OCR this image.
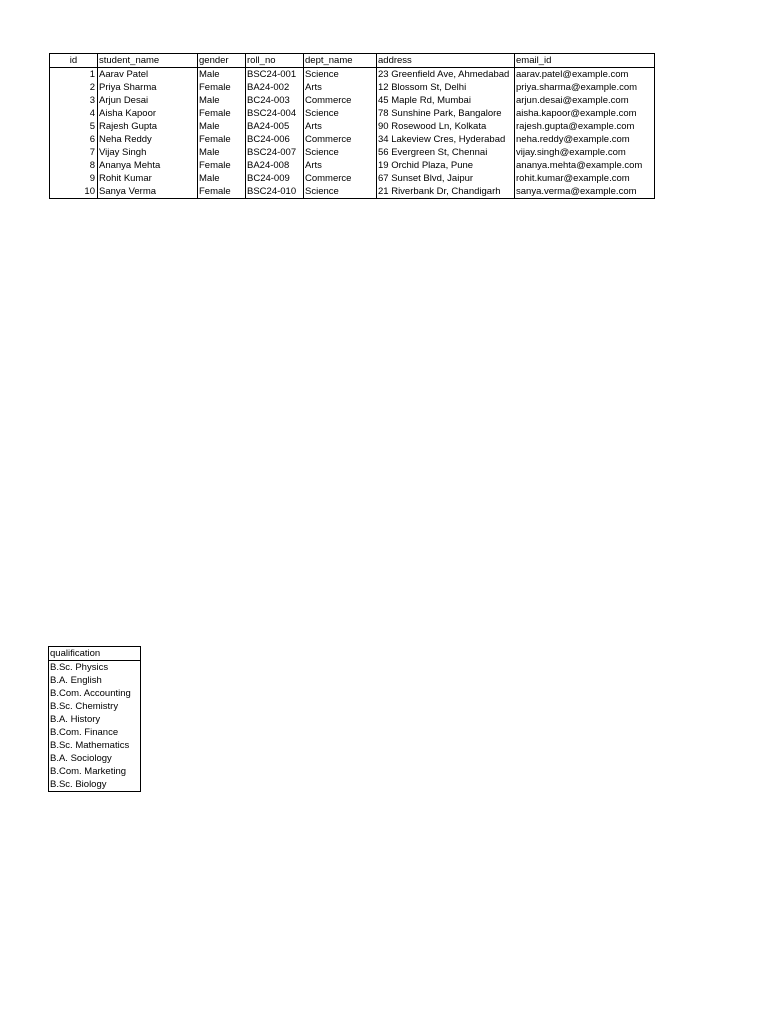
id	student_name	gender	roll_no	dept_name	address	email_id
1	Aarav Patel	Male	BSC24-001	Science	23 Greenfield Ave, Ahmedabad	aarav.patel@example.com
2	Priya Sharma	Female	BA24-002	Arts	12 Blossom St, Delhi	priya.sharma@example.com
3	Arjun Desai	Male	BC24-003	Commerce	45 Maple Rd, Mumbai	arjun.desai@example.com
4	Aisha Kapoor	Female	BSC24-004	Science	78 Sunshine Park, Bangalore	aisha.kapoor@example.com
5	Rajesh Gupta	Male	BA24-005	Arts	90 Rosewood Ln, Kolkata	rajesh.gupta@example.com
6	Neha Reddy	Female	BC24-006	Commerce	34 Lakeview Cres, Hyderabad	neha.reddy@example.com
7	Vijay Singh	Male	BSC24-007	Science	56 Evergreen St, Chennai	vijay.singh@example.com
8	Ananya Mehta	Female	BA24-008	Arts	19 Orchid Plaza, Pune	ananya.mehta@example.com
9	Rohit Kumar	Male	BC24-009	Commerce	67 Sunset Blvd, Jaipur	rohit.kumar@example.com
10	Sanya Verma	Female	BSC24-010	Science	21 Riverbank Dr, Chandigarh	sanya.verma@example.com
qualification
B.Sc. Physics
B.A. English
B.Com. Accounting
B.Sc. Chemistry
B.A. History
B.Com. Finance
B.Sc. Mathematics
B.A. Sociology
B.Com. Marketing
B.Sc. Biology
